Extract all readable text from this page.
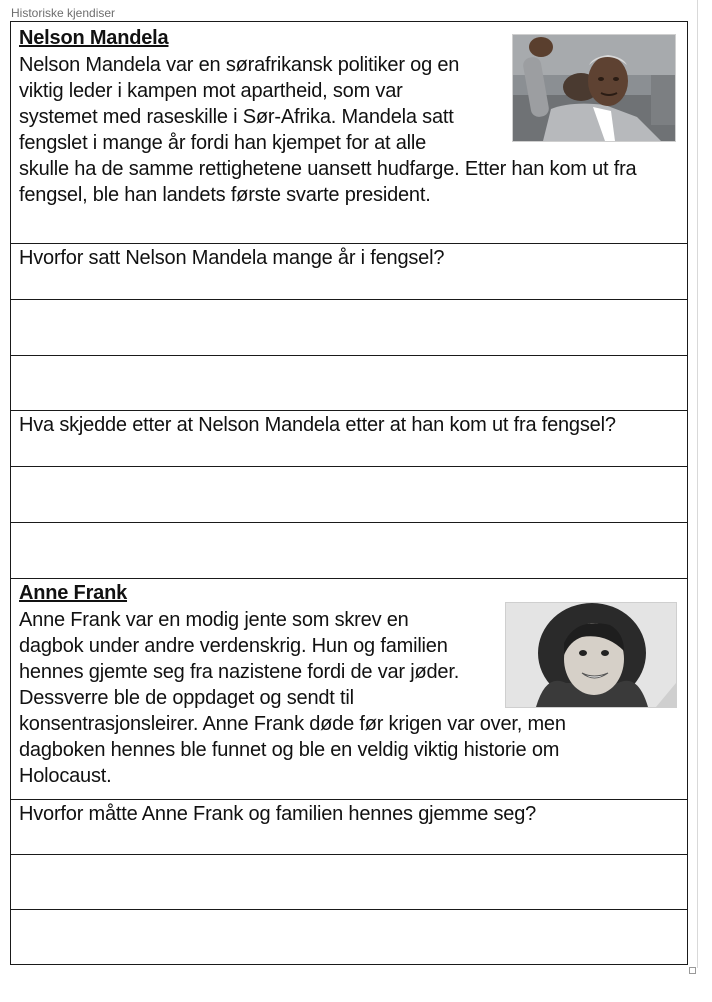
Historiske kjendiser
Nelson Mandela

Nelson Mandela var en sørafrikansk politiker og en

viktig leder i kampen mot apartheid, som var

systemet med raseskille i Sør-Afrika. Mandela satt

fengslet i mange år fordi han kjempet for at alle

skulle ha de samme rettighetene uansett hudfarge. Etter han kom ut fra

fengsel, ble han landets første svarte president.

Hvorfor satt Nelson Mandela mange år i fengsel?
Hva skjedde etter at Nelson Mandela etter at han kom ut fra fengsel?
Anne Frank

Anne Frank var en modig jente som skrev en

dagbok under andre verdenskrig. Hun og familien

hennes gjemte seg fra nazistene fordi de var jøder.

Dessverre ble de oppdaget og sendt til

konsentrasjonsleirer. Anne Frank døde før krigen var over, men

dagboken hennes ble funnet og ble en veldig viktig historie om

Holocaust.

Hvorfor måtte Anne Frank og familien hennes gjemme seg?
